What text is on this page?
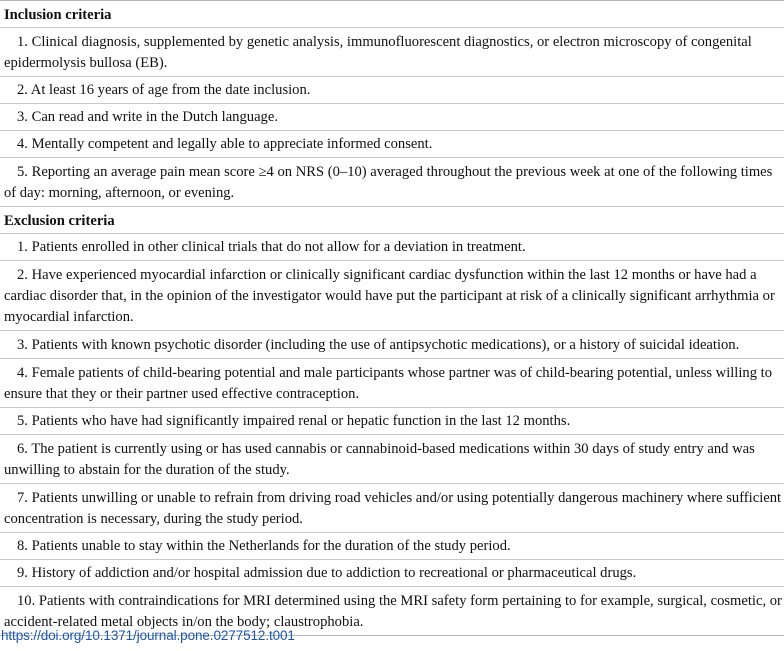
Inclusion criteria
1. Clinical diagnosis, supplemented by genetic analysis, immunofluorescent diagnostics, or electron microscopy of congenital epidermolysis bullosa (EB).
2. At least 16 years of age from the date inclusion.
3. Can read and write in the Dutch language.
4. Mentally competent and legally able to appreciate informed consent.
5. Reporting an average pain mean score ≥4 on NRS (0–10) averaged throughout the previous week at one of the following times of day: morning, afternoon, or evening.
Exclusion criteria
1. Patients enrolled in other clinical trials that do not allow for a deviation in treatment.
2. Have experienced myocardial infarction or clinically significant cardiac dysfunction within the last 12 months or have had a cardiac disorder that, in the opinion of the investigator would have put the participant at risk of a clinically significant arrhythmia or myocardial infarction.
3. Patients with known psychotic disorder (including the use of antipsychotic medications), or a history of suicidal ideation.
4. Female patients of child-bearing potential and male participants whose partner was of child-bearing potential, unless willing to ensure that they or their partner used effective contraception.
5. Patients who have had significantly impaired renal or hepatic function in the last 12 months.
6. The patient is currently using or has used cannabis or cannabinoid-based medications within 30 days of study entry and was unwilling to abstain for the duration of the study.
7. Patients unwilling or unable to refrain from driving road vehicles and/or using potentially dangerous machinery where sufficient concentration is necessary, during the study period.
8. Patients unable to stay within the Netherlands for the duration of the study period.
9. History of addiction and/or hospital admission due to addiction to recreational or pharmaceutical drugs.
10. Patients with contraindications for MRI determined using the MRI safety form pertaining to for example, surgical, cosmetic, or accident-related metal objects in/on the body; claustrophobia.
https://doi.org/10.1371/journal.pone.0277512.t001
